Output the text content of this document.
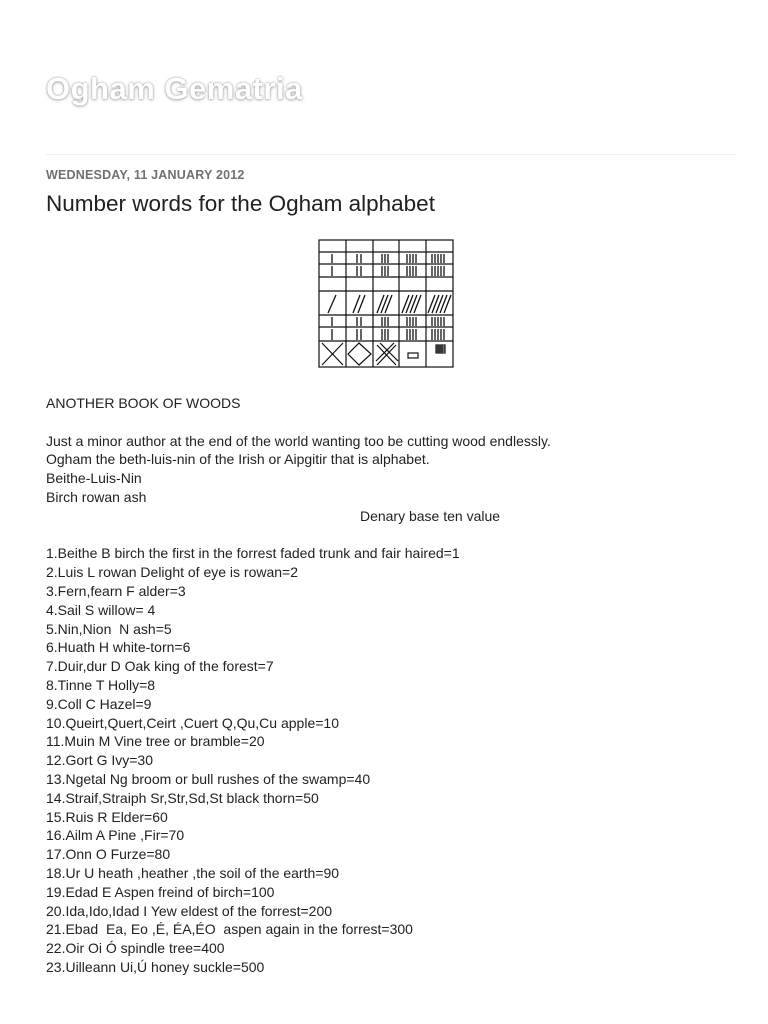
Ogham Gematria
WEDNESDAY, 11 JANUARY 2012
Number words for the Ogham alphabet
ANOTHER BOOK OF WOODS
Just a minor author at the end of the world wanting too be cutting wood endlessly.
Ogham the beth-luis-nin of the Irish or Aipgitir that is alphabet.
Beithe-Luis-Nin
Birch rowan ash
Denary base ten value
1.Beithe B birch the first in the forrest faded trunk and fair haired=1
2.Luis L rowan Delight of eye is rowan=2
3.Fern,fearn F alder=3
4.Sail S willow= 4
5.Nin,Nion  N ash=5
6.Huath H white-torn=6
7.Duir,dur D Oak king of the forest=7
8.Tinne T Holly=8
9.Coll C Hazel=9
10.Queirt,Quert,Ceirt ,Cuert Q,Qu,Cu apple=10
11.Muin M Vine tree or bramble=20
12.Gort G Ivy=30
13.Ngetal Ng broom or bull rushes of the swamp=40
14.Straif,Straiph Sr,Str,Sd,St black thorn=50
15.Ruis R Elder=60
16.Ailm A Pine ,Fir=70
17.Onn O Furze=80
18.Ur U heath ,heather ,the soil of the earth=90
19.Edad E Aspen freind of birch=100
20.Ida,Ido,Idad I Yew eldest of the forrest=200
21.Ebad  Ea, Eo ,É, ÉA,ÉO  aspen again in the forrest=300
22.Oir Oi Ó spindle tree=400
23.Uilleann Ui,Ú honey suckle=500
